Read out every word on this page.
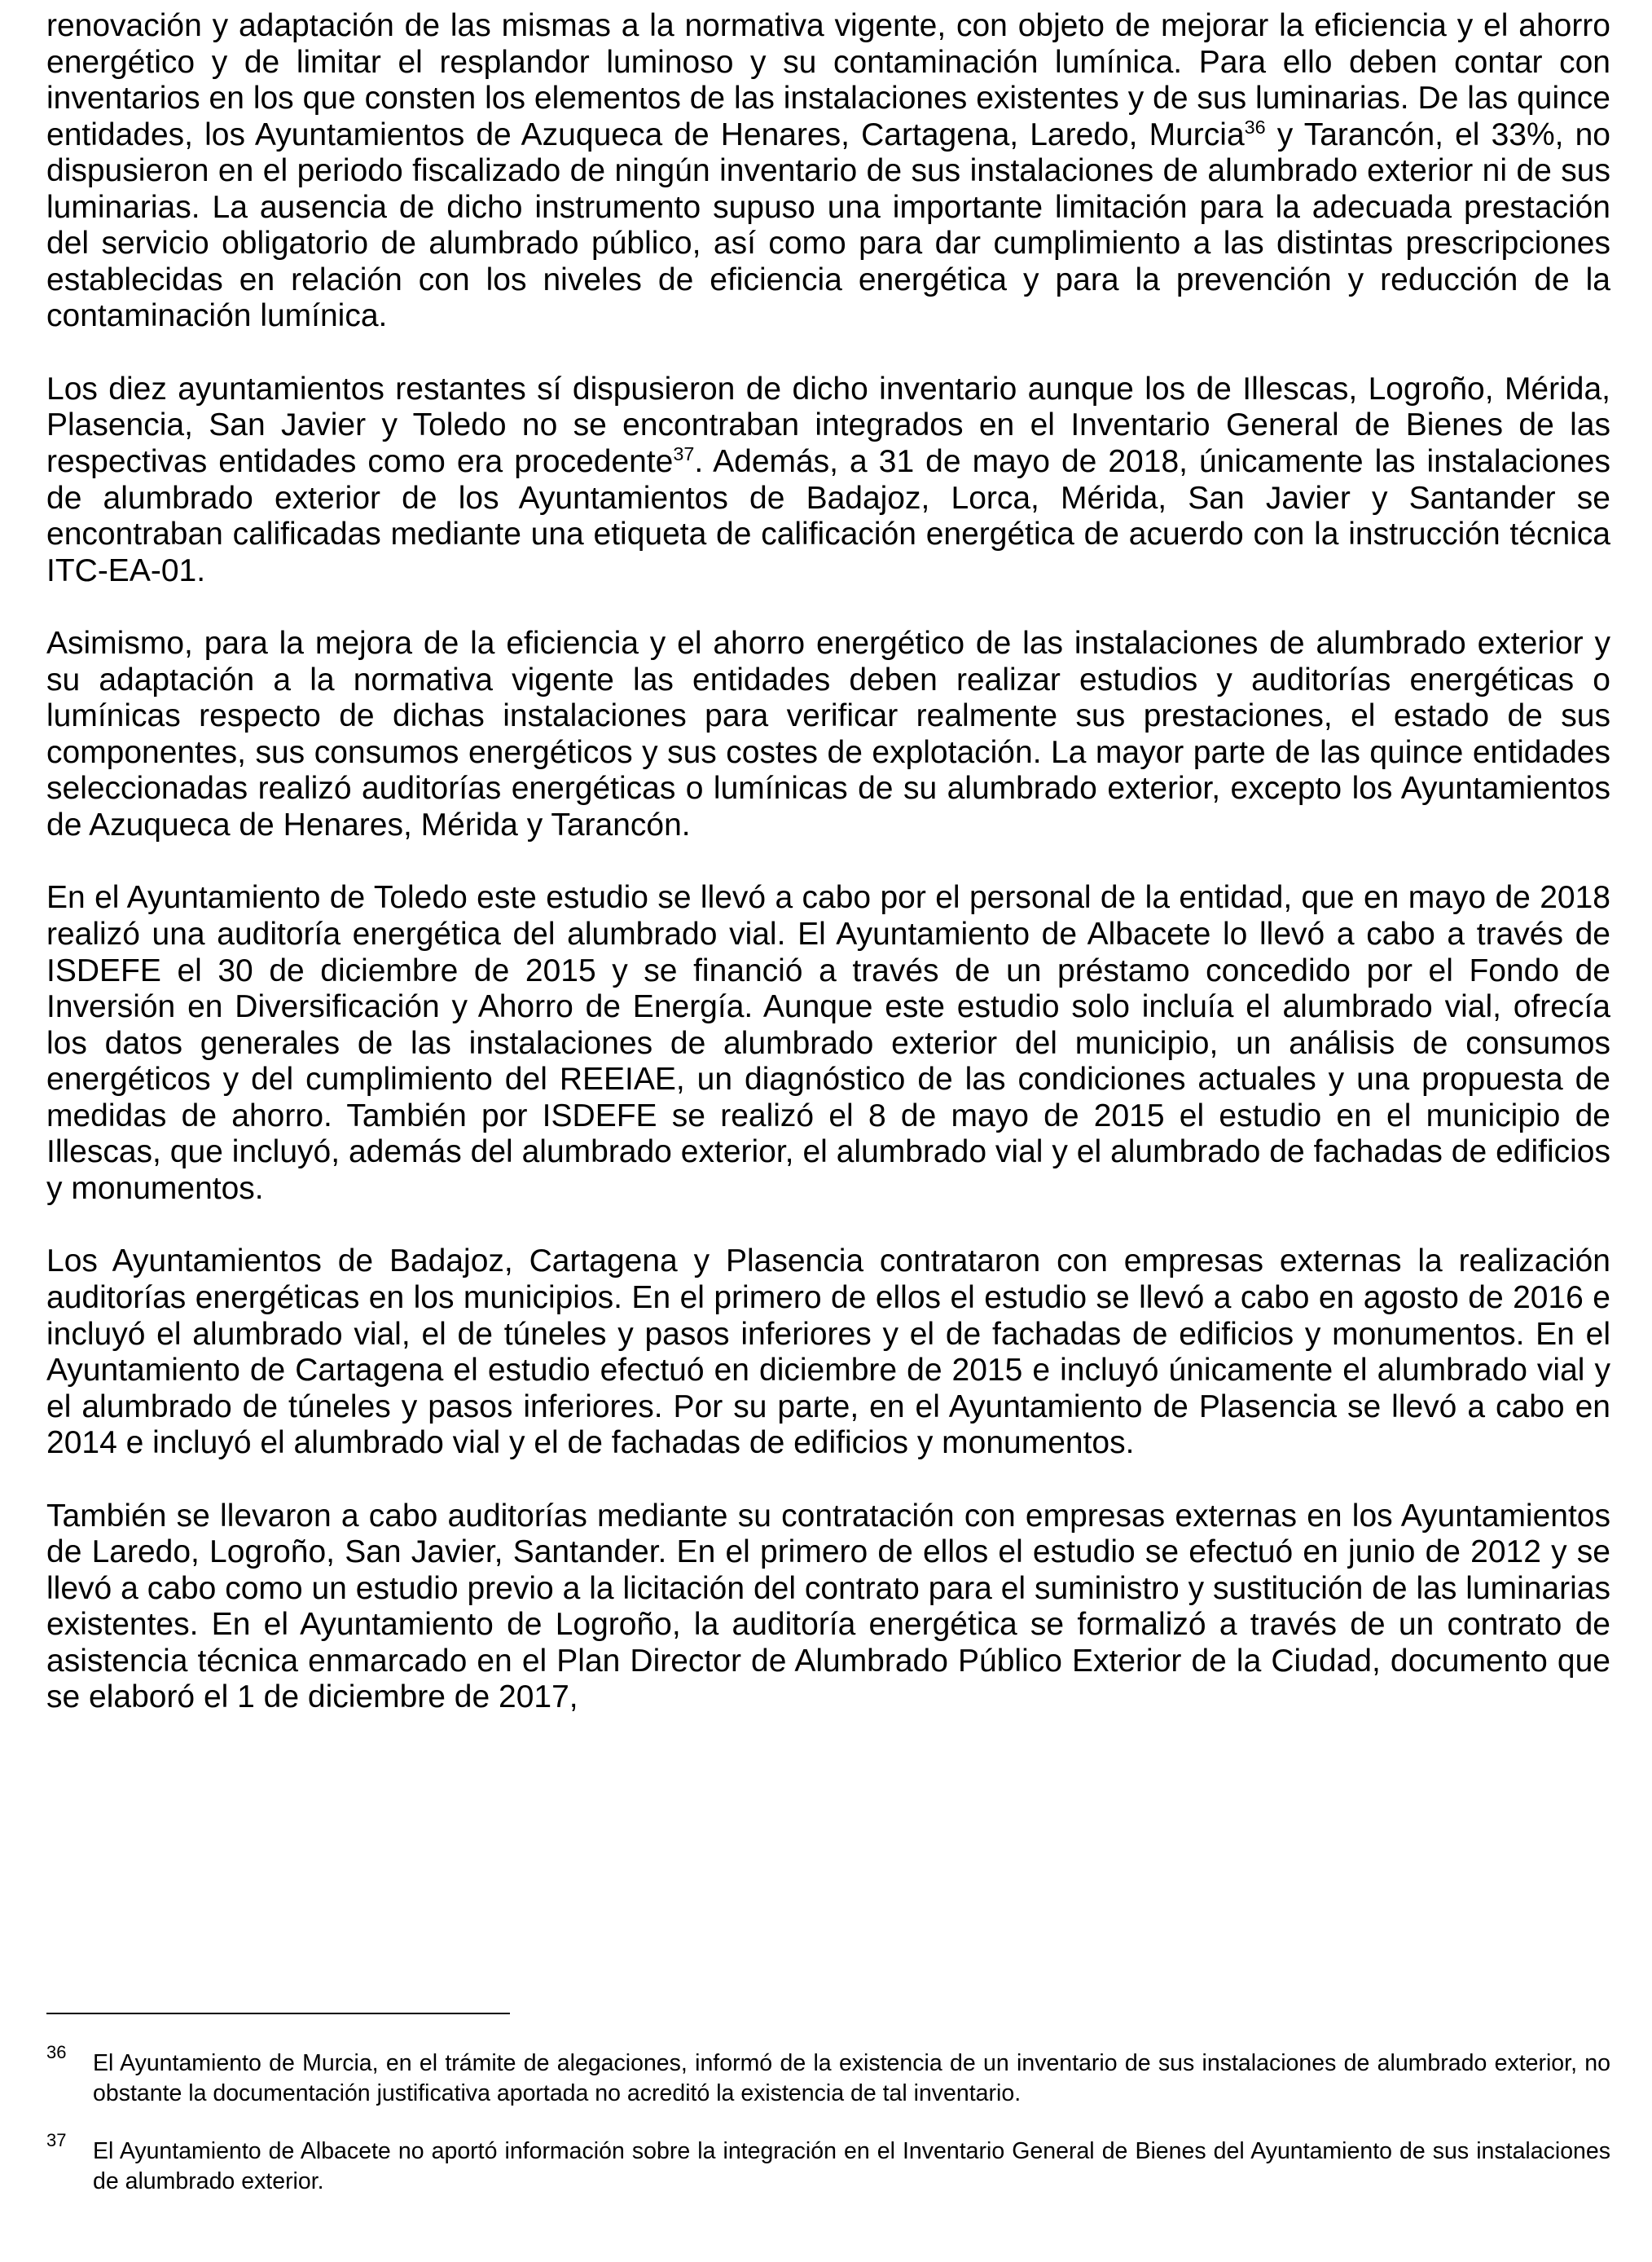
renovación y adaptación de las mismas a la normativa vigente, con objeto de mejorar la eficiencia y el ahorro energético y de limitar el resplandor luminoso y su contaminación lumínica. Para ello deben contar con inventarios en los que consten los elementos de las instalaciones existentes y de sus luminarias. De las quince entidades, los Ayuntamientos de Azuqueca de Henares, Cartagena, Laredo, Murcia$^{36}$ y Tarancón, el 33%, no dispusieron en el periodo fiscalizado de ningún inventario de sus instalaciones de alumbrado exterior ni de sus luminarias. La ausencia de dicho instrumento supuso una importante limitación para la adecuada prestación del servicio obligatorio de alumbrado público, así como para dar cumplimiento a las distintas prescripciones establecidas en relación con los niveles de eficiencia energética y para la prevención y reducción de la contaminación lumínica.

Los diez ayuntamientos restantes sí dispusieron de dicho inventario aunque los de Illescas, Logroño, Mérida, Plasencia, San Javier y Toledo no se encontraban integrados en el Inventario General de Bienes de las respectivas entidades como era procedente$^{37}$. Además, a 31 de mayo de 2018, únicamente las instalaciones de alumbrado exterior de los Ayuntamientos de Badajoz, Lorca, Mérida, San Javier y Santander se encontraban calificadas mediante una etiqueta de calificación energética de acuerdo con la instrucción técnica ITC-EA-01.

Asimismo, para la mejora de la eficiencia y el ahorro energético de las instalaciones de alumbrado exterior y su adaptación a la normativa vigente las entidades deben realizar estudios y auditorías energéticas o lumínicas respecto de dichas instalaciones para verificar realmente sus prestaciones, el estado de sus componentes, sus consumos energéticos y sus costes de explotación. La mayor parte de las quince entidades seleccionadas realizó auditorías energéticas o lumínicas de su alumbrado exterior, excepto los Ayuntamientos de Azuqueca de Henares, Mérida y Tarancón.

En el Ayuntamiento de Toledo este estudio se llevó a cabo por el personal de la entidad, que en mayo de 2018 realizó una auditoría energética del alumbrado vial. El Ayuntamiento de Albacete lo llevó a cabo a través de ISDEFE el 30 de diciembre de 2015 y se financió a través de un préstamo concedido por el Fondo de Inversión en Diversificación y Ahorro de Energía. Aunque este estudio solo incluía el alumbrado vial, ofrecía los datos generales de las instalaciones de alumbrado exterior del municipio, un análisis de consumos energéticos y del cumplimiento del REEIAE, un diagnóstico de las condiciones actuales y una propuesta de medidas de ahorro. También por ISDEFE se realizó el 8 de mayo de 2015 el estudio en el municipio de Illescas, que incluyó, además del alumbrado exterior, el alumbrado vial y el alumbrado de fachadas de edificios y monumentos.

Los Ayuntamientos de Badajoz, Cartagena y Plasencia contrataron con empresas externas la realización auditorías energéticas en los municipios. En el primero de ellos el estudio se llevó a cabo en agosto de 2016 e incluyó el alumbrado vial, el de túneles y pasos inferiores y el de fachadas de edificios y monumentos. En el Ayuntamiento de Cartagena el estudio efectuó en diciembre de 2015 e incluyó únicamente el alumbrado vial y el alumbrado de túneles y pasos inferiores. Por su parte, en el Ayuntamiento de Plasencia se llevó a cabo en 2014 e incluyó el alumbrado vial y el de fachadas de edificios y monumentos.

También se llevaron a cabo auditorías mediante su contratación con empresas externas en los Ayuntamientos de Laredo, Logroño, San Javier, Santander. En el primero de ellos el estudio se efectuó en junio de 2012 y se llevó a cabo como un estudio previo a la licitación del contrato para el suministro y sustitución de las luminarias existentes. En el Ayuntamiento de Logroño, la auditoría energética se formalizó a través de un contrato de asistencia técnica enmarcado en el Plan Director de Alumbrado Público Exterior de la Ciudad, documento que se elaboró el 1 de diciembre de 2017,

36 El Ayuntamiento de Murcia, en el trámite de alegaciones, informó de la existencia de un inventario de sus instalaciones de alumbrado exterior, no obstante la documentación justificativa aportada no acreditó la existencia de tal inventario.
37 El Ayuntamiento de Albacete no aportó información sobre la integración en el Inventario General de Bienes del Ayuntamiento de sus instalaciones de alumbrado exterior.
